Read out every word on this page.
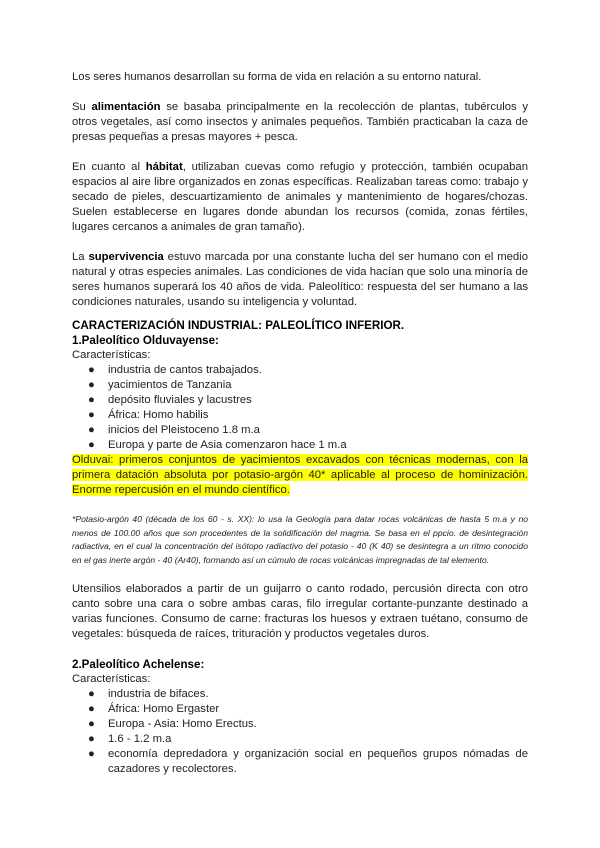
Los seres humanos desarrollan su forma de vida en relación a su entorno natural.

Su alimentación se basaba principalmente en la recolección de plantas, tubérculos y otros vegetales, así como insectos y animales pequeños. También practicaban la caza de presas pequeñas a presas mayores + pesca.

En cuanto al hábitat, utilizaban cuevas como refugio y protección, también ocupaban espacios al aire libre organizados en zonas específicas. Realizaban tareas como: trabajo y secado de pieles, descuartizamiento de animales y mantenimiento de hogares/chozas. Suelen establecerse en lugares donde abundan los recursos (comida, zonas fértiles, lugares cercanos a animales de gran tamaño).

La supervivencia estuvo marcada por una constante lucha del ser humano con el medio natural y otras especies animales. Las condiciones de vida hacían que solo una minoría de seres humanos superará los 40 años de vida. Paleolítico: respuesta del ser humano a las condiciones naturales, usando su inteligencia y voluntad.

CARACTERIZACIÓN INDUSTRIAL: PALEOLÍTICO INFERIOR.

1.Paleolítico Olduvayense:

Características:

● industria de cantos trabajados.
● yacimientos de Tanzania
● depósito fluviales y lacustres
● África: Homo habilis
● inicios del Pleistoceno 1.8 m.a
● Europa y parte de Asia comenzaron hace 1 m.a

Olduvai: primeros conjuntos de yacimientos excavados con técnicas modernas, con la primera datación absoluta por potasio-argón 40* aplicable al proceso de hominización. Enorme repercusión en el mundo científico.

*Potasio-argón 40 (década de los 60 - s. XX): lo usa la Geología para datar rocas volcánicas de hasta 5 m.a y no menos de 100.00 años que son procedentes de la solidificación del magma. Se basa en el ppcio. de desintegración radiactiva, en el cual la concentración del isótopo radiactivo del potasio - 40 (K 40) se desintegra a un ritmo conocido en el gas inerte argón - 40 (Ar40), formando así un cúmulo de rocas volcánicas impregnadas de tal elemento.

Utensilios elaborados a partir de un guijarro o canto rodado, percusión directa con otro canto sobre una cara o sobre ambas caras, filo irregular cortante-punzante destinado a varias funciones. Consumo de carne: fracturas los huesos y extraen tuétano, consumo de vegetales: búsqueda de raíces, trituración y productos vegetales duros.

2.Paleolítico Achelense:

Características:

● industria de bifaces.
● África: Homo Ergaster
● Europa - Asia: Homo Erectus.
● 1.6 - 1.2 m.a
● economía depredadora y organización social en pequeños grupos nómadas de cazadores y recolectores.
